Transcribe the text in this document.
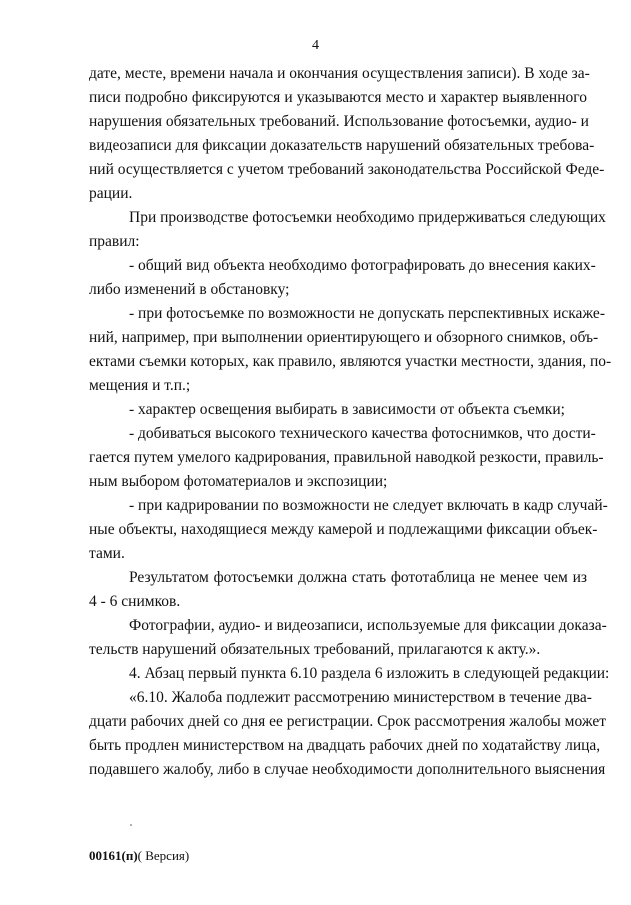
4
дате, месте, времени начала и окончания осуществления записи). В ходе за-
писи подробно фиксируются и указываются место и характер выявленного
нарушения обязательных требований. Использование фотосъемки, аудио- и
видеозаписи для фиксации доказательств нарушений обязательных требова-
ний осуществляется с учетом требований законодательства Российской Феде-
рации.
При производстве фотосъемки необходимо придерживаться следующих
правил:
- общий вид объекта необходимо фотографировать до внесения каких-
либо изменений в обстановку;
- при фотосъемке по возможности не допускать перспективных искаже-
ний, например, при выполнении ориентирующего и обзорного снимков, объ-
ектами съемки которых, как правило, являются участки местности, здания, по-
мещения и т.п.;
- характер освещения выбирать в зависимости от объекта съемки;
- добиваться высокого технического качества фотоснимков, что дости-
гается путем умелого кадрирования, правильной наводкой резкости, правиль-
ным выбором фотоматериалов и экспозиции;
- при кадрировании по возможности не следует включать в кадр случай-
ные объекты, находящиеся между камерой и подлежащими фиксации объек-
тами.
Результатом фотосъемки должна стать фототаблица не менее чем из
4 - 6 снимков.
Фотографии, аудио- и видеозаписи, используемые для фиксации доказа-
тельств нарушений обязательных требований, прилагаются к акту.».
4. Абзац первый пункта 6.10 раздела 6 изложить в следующей редакции:
«6.10. Жалоба подлежит рассмотрению министерством в течение два-
дцати рабочих дней со дня ее регистрации. Срок рассмотрения жалобы может
быть продлен министерством на двадцать рабочих дней по ходатайству лица,
подавшего жалобу, либо в случае необходимости дополнительного выяснения
00161(п)( Версия)
